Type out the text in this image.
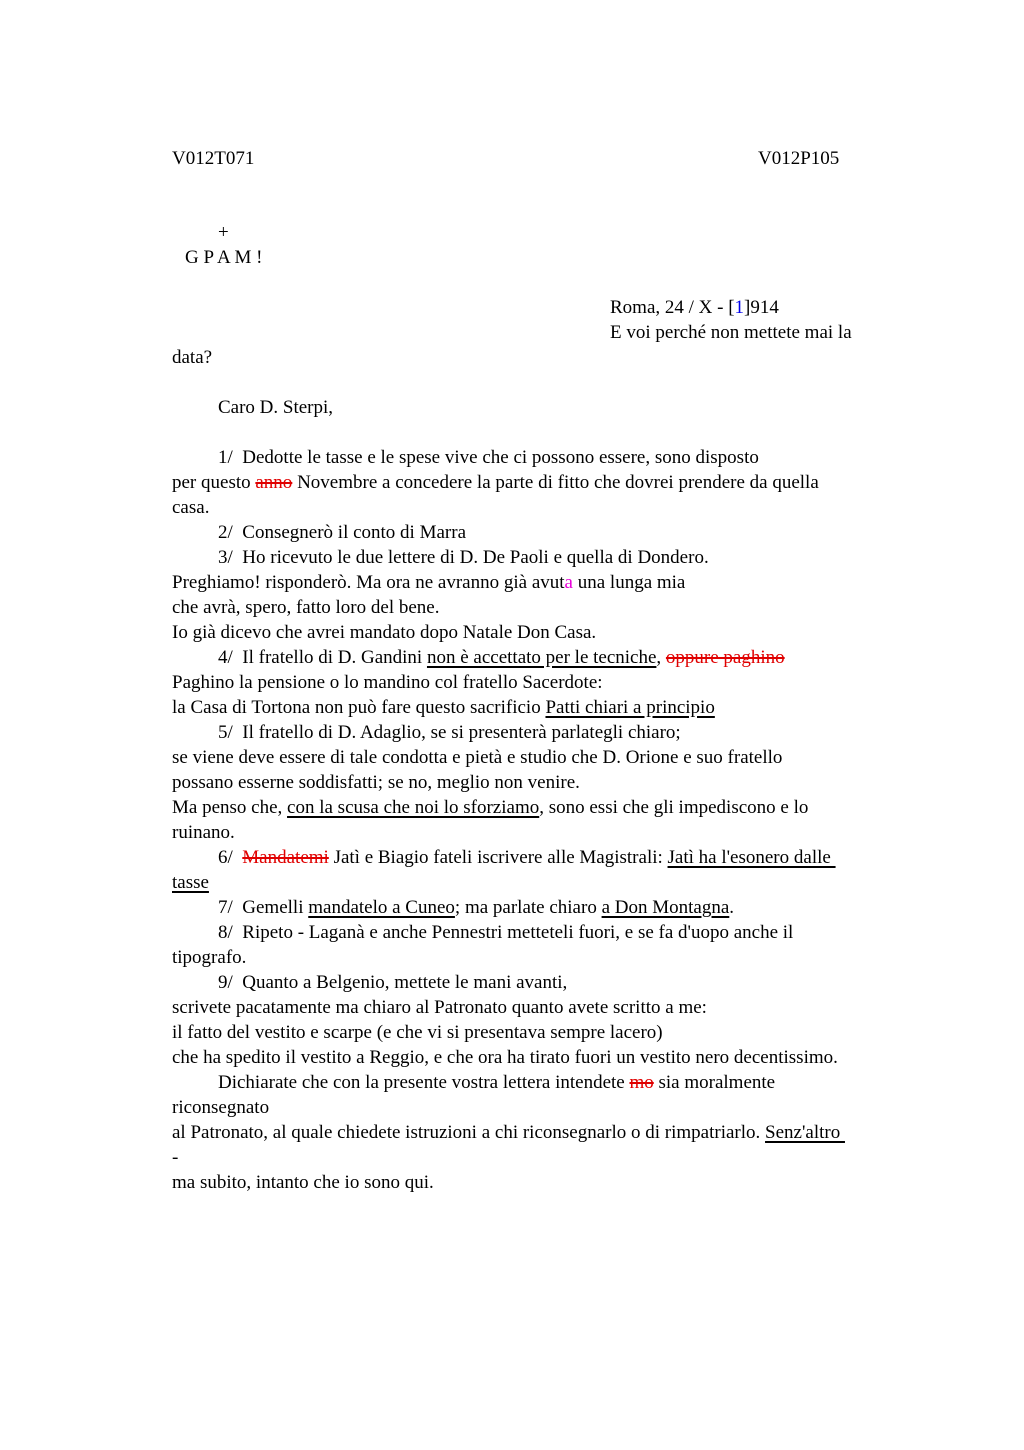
V012T071	V012P105
+
G P A M !
Roma, 24 / X - [1]914
E voi perché non mettete mai la
data?
Caro D. Sterpi,
1/  Dedotte le tasse e le spese vive che ci possono essere, sono disposto
per questo anno Novembre a concedere la parte di fitto che dovrei prendere da quella
casa.
2/  Consegnerò il conto di Marra
3/  Ho ricevuto le due lettere di D. De Paoli e quella di Dondero.
Preghiamo! risponderò. Ma ora ne avranno già avuta una lunga mia
che avrà, spero, fatto loro del bene.
Io già dicevo che avrei mandato dopo Natale Don Casa.
4/  Il fratello di D. Gandini non è accettato per le tecniche, oppure paghino
Paghino la pensione o lo mandino col fratello Sacerdote:
la Casa di Tortona non può fare questo sacrificio Patti chiari a principio
5/  Il fratello di D. Adaglio, se si presenterà parlategli chiaro;
se viene deve essere di tale condotta e pietà e studio che D. Orione e suo fratello
possano esserne soddisfatti; se no, meglio non venire.
Ma penso che, con la scusa che noi lo sforziamo, sono essi che gli impediscono e lo
ruinano.
6/  Mandatemi Jatì e Biagio fateli iscrivere alle Magistrali: Jatì ha l'esonero dalle
tasse
7/  Gemelli mandatelo a Cuneo; ma parlate chiaro a Don Montagna.
8/  Ripeto - Laganà e anche Pennestri metteteli fuori, e se fa d'uopo anche il
tipografo.
9/  Quanto a Belgenio, mettete le mani avanti,
scrivete pacatamente ma chiaro al Patronato quanto avete scritto a me:
il fatto del vestito e scarpe (e che vi si presentava sempre lacero)
che ha spedito il vestito a Reggio, e che ora ha tirato fuori un vestito nero decentissimo.
Dichiarate che con la presente vostra lettera intendete mo sia moralmente
riconsegnato
al Patronato, al quale chiedete istruzioni a chi riconsegnarlo o di rimpatriarlo. Senz'altro
-
ma subito, intanto che io sono qui.
